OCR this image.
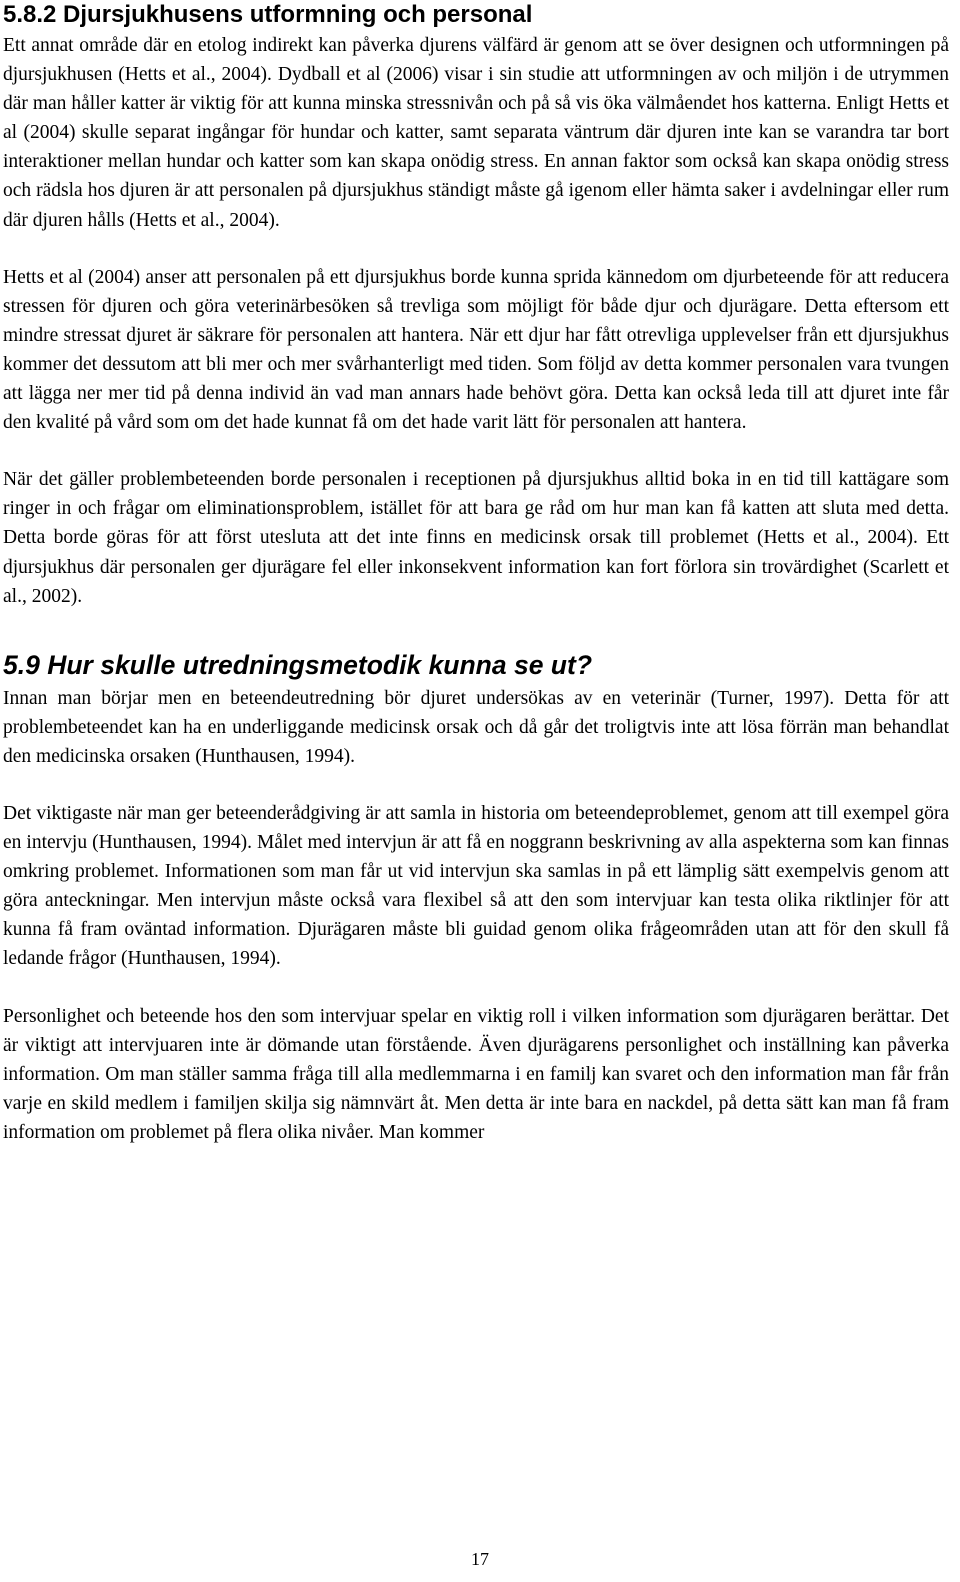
5.8.2 Djursjukhusens utformning och personal

Ett annat område där en etolog indirekt kan påverka djurens välfärd är genom att se över designen och utformningen på djursjukhusen (Hetts et al., 2004). Dydball et al (2006) visar i sin studie att utformningen av och miljön i de utrymmen där man håller katter är viktig för att kunna minska stressnivån och på så vis öka välmåendet hos katterna. Enligt Hetts et al (2004) skulle separat ingångar för hundar och katter, samt separata väntrum där djuren inte kan se varandra tar bort interaktioner mellan hundar och katter som kan skapa onödig stress. En annan faktor som också kan skapa onödig stress och rädsla hos djuren är att personalen på djursjukhus ständigt måste gå igenom eller hämta saker i avdelningar eller rum där djuren hålls (Hetts et al., 2004).

Hetts et al (2004) anser att personalen på ett djursjukhus borde kunna sprida kännedom om djurbeteende för att reducera stressen för djuren och göra veterinärbesöken så trevliga som möjligt för både djur och djurägare. Detta eftersom ett mindre stressat djuret är säkrare för personalen att hantera. När ett djur har fått otrevliga upplevelser från ett djursjukhus kommer det dessutom att bli mer och mer svårhanterligt med tiden. Som följd av detta kommer personalen vara tvungen att lägga ner mer tid på denna individ än vad man annars hade behövt göra. Detta kan också leda till att djuret inte får den kvalité på vård som om det hade kunnat få om det hade varit lätt för personalen att hantera.

När det gäller problembeteenden borde personalen i receptionen på djursjukhus alltid boka in en tid till kattägare som ringer in och frågar om eliminationsproblem, istället för att bara ge råd om hur man kan få katten att sluta med detta. Detta borde göras för att först utesluta att det inte finns en medicinsk orsak till problemet (Hetts et al., 2004). Ett djursjukhus där personalen ger djurägare fel eller inkonsekvent information kan fort förlora sin trovärdighet (Scarlett et al., 2002).

5.9 Hur skulle utredningsmetodik kunna se ut?

Innan man börjar men en beteendeutredning bör djuret undersökas av en veterinär (Turner, 1997). Detta för att problembeteendet kan ha en underliggande medicinsk orsak och då går det troligtvis inte att lösa förrän man behandlat den medicinska orsaken (Hunthausen, 1994).

Det viktigaste när man ger beteenderådgiving är att samla in historia om beteendeproblemet, genom att till exempel göra en intervju (Hunthausen, 1994). Målet med intervjun är att få en noggrann beskrivning av alla aspekterna som kan finnas omkring problemet. Informationen som man får ut vid intervjun ska samlas in på ett lämplig sätt exempelvis genom att göra anteckningar. Men intervjun måste också vara flexibel så att den som intervjuar kan testa olika riktlinjer för att kunna få fram oväntad information. Djurägaren måste bli guidad genom olika frågeområden utan att för den skull få ledande frågor (Hunthausen, 1994).

Personlighet och beteende hos den som intervjuar spelar en viktig roll i vilken information som djurägaren berättar. Det är viktigt att intervjuaren inte är dömande utan förstående. Även djurägarens personlighet och inställning kan påverka information. Om man ställer samma fråga till alla medlemmarna i en familj kan svaret och den information man får från varje en skild medlem i familjen skilja sig nämnvärt åt. Men detta är inte bara en nackdel, på detta sätt kan man få fram information om problemet på flera olika nivåer. Man kommer

17
